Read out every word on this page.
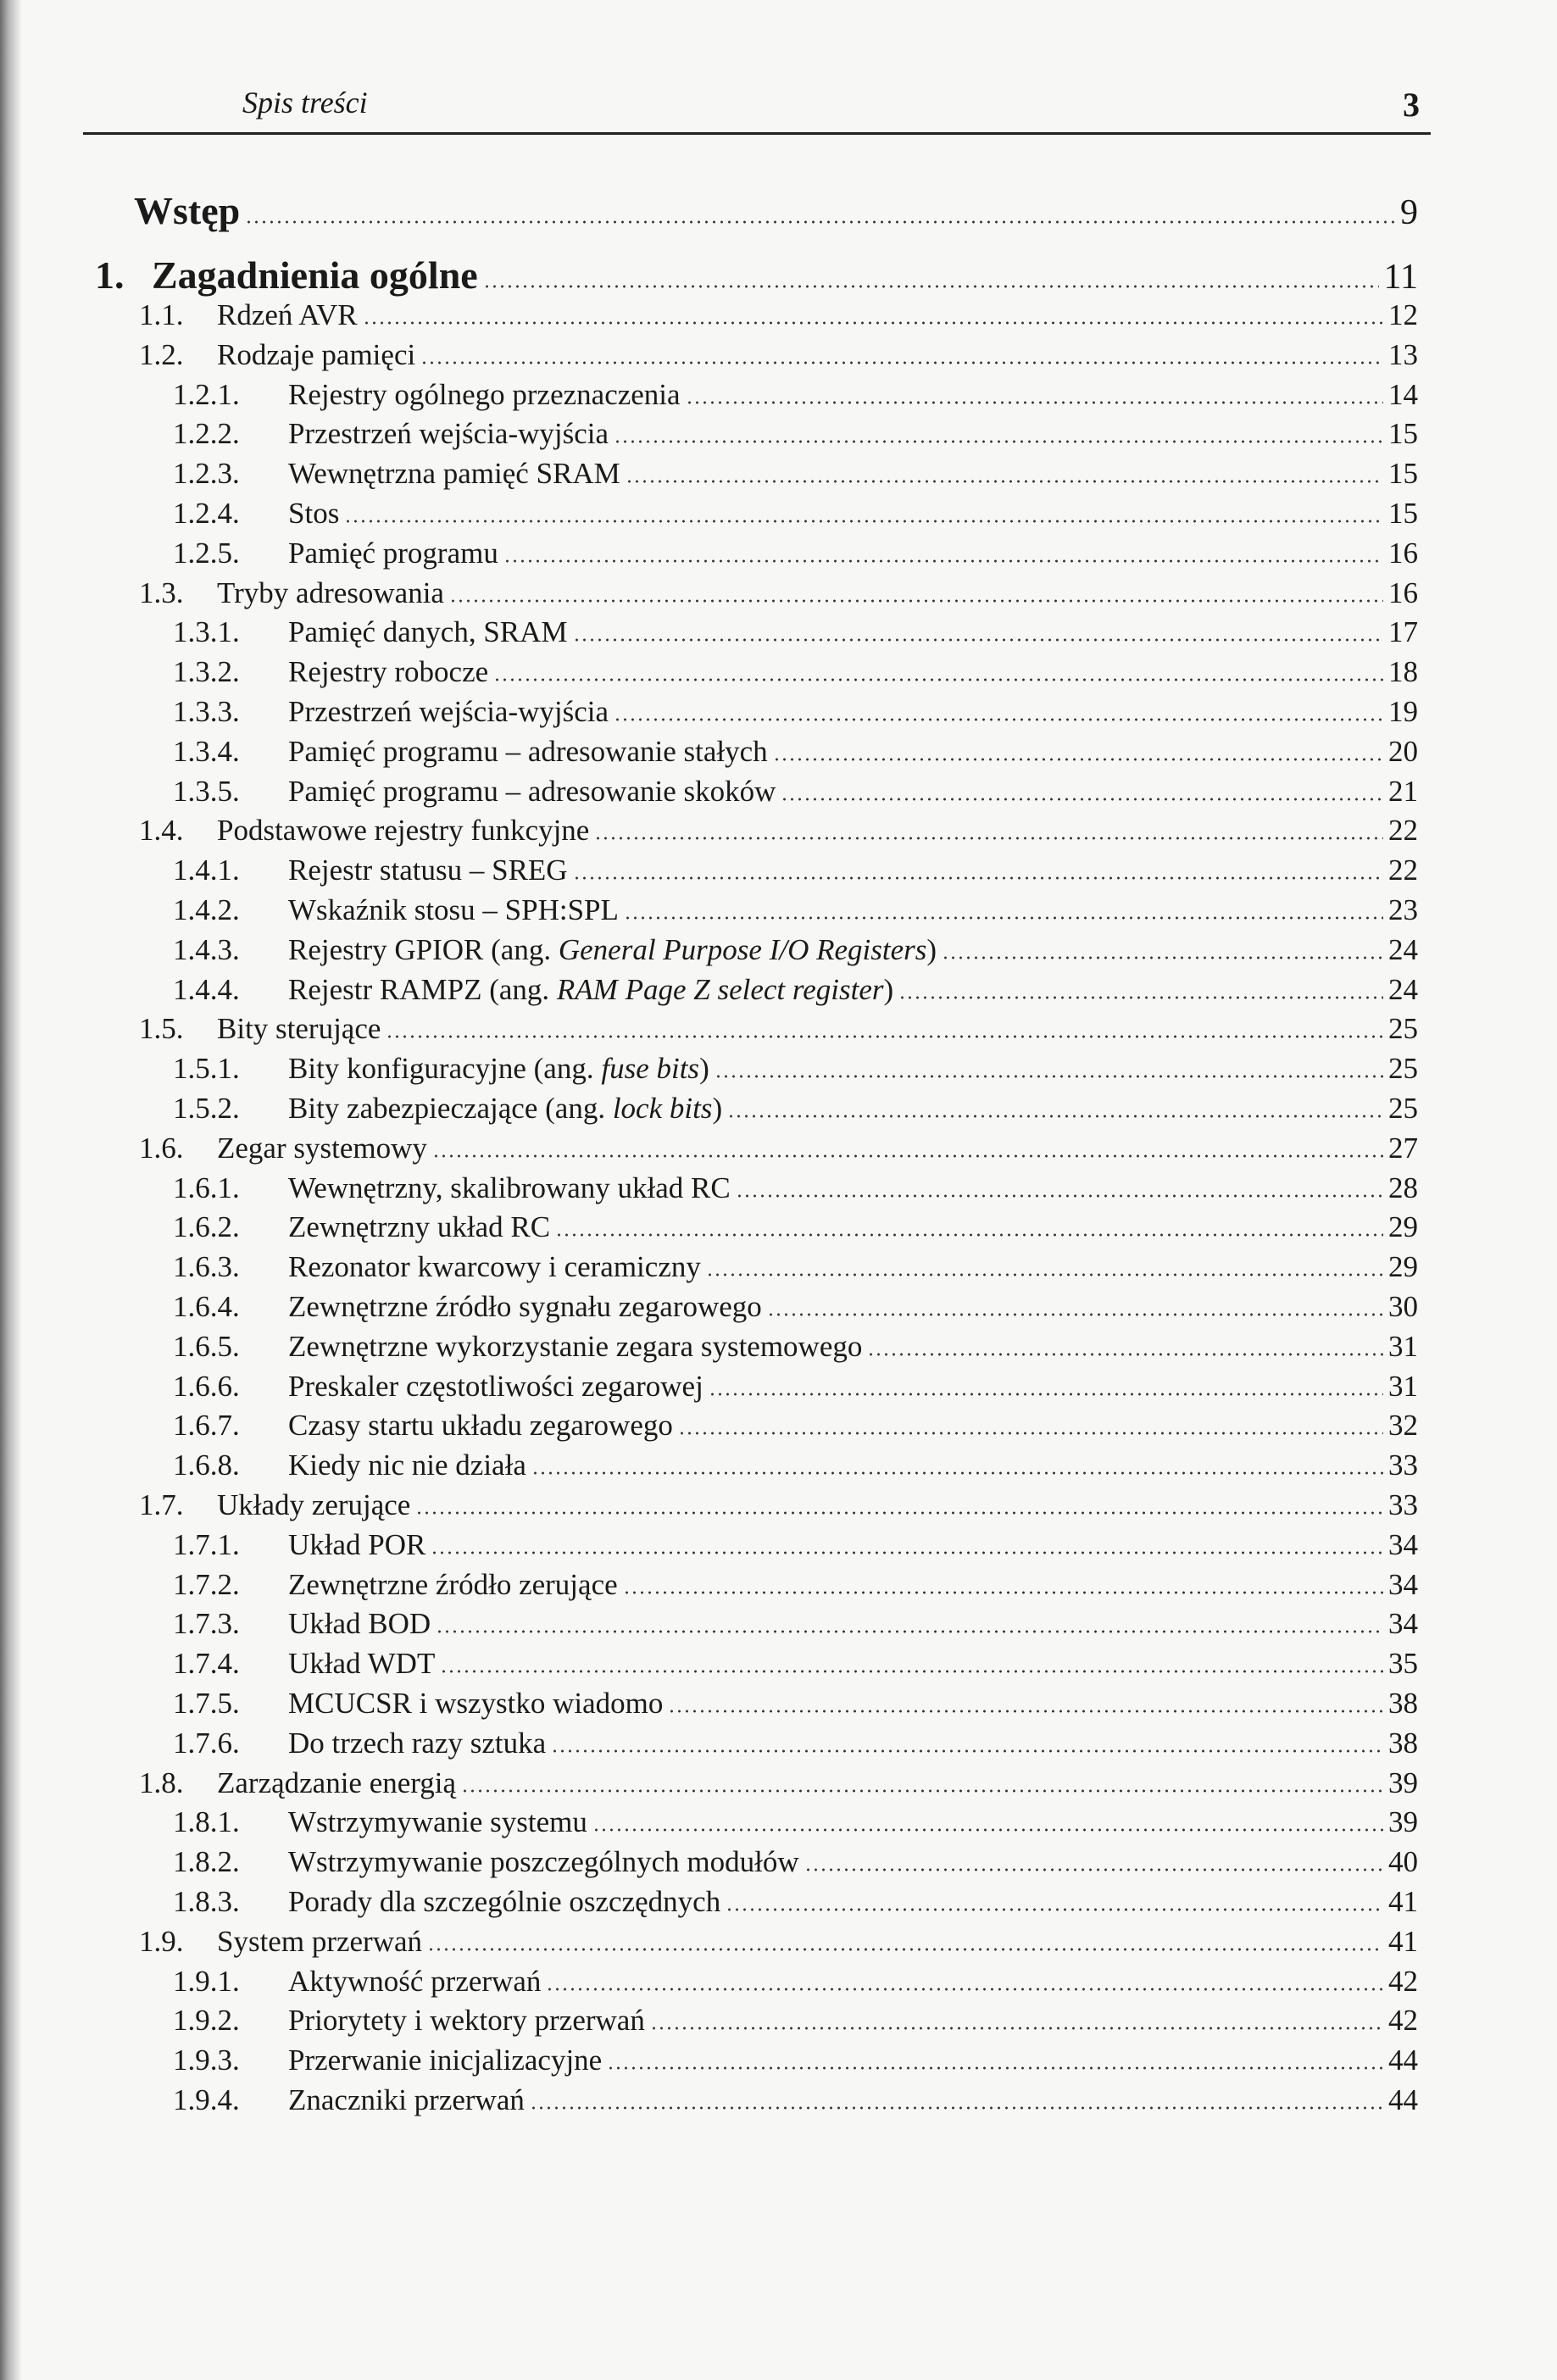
Spis treści	3
Wstęp	9
1. Zagadnienia ogólne	11
1.1. Rdzeń AVR	12
1.2. Rodzaje pamięci	13
1.2.1. Rejestry ogólnego przeznaczenia	14
1.2.2. Przestrzeń wejścia-wyjścia	15
1.2.3. Wewnętrzna pamięć SRAM	15
1.2.4. Stos	15
1.2.5. Pamięć programu	16
1.3. Tryby adresowania	16
1.3.1. Pamięć danych, SRAM	17
1.3.2. Rejestry robocze	18
1.3.3. Przestrzeń wejścia-wyjścia	19
1.3.4. Pamięć programu – adresowanie stałych	20
1.3.5. Pamięć programu – adresowanie skoków	21
1.4. Podstawowe rejestry funkcyjne	22
1.4.1. Rejestr statusu – SREG	22
1.4.2. Wskaźnik stosu – SPH:SPL	23
1.4.3. Rejestry GPIOR (ang. General Purpose I/O Registers)	24
1.4.4. Rejestr RAMPZ (ang. RAM Page Z select register)	24
1.5. Bity sterujące	25
1.5.1. Bity konfiguracyjne (ang. fuse bits)	25
1.5.2. Bity zabezpieczające (ang. lock bits)	25
1.6. Zegar systemowy	27
1.6.1. Wewnętrzny, skalibrowany układ RC	28
1.6.2. Zewnętrzny układ RC	29
1.6.3. Rezonator kwarcowy i ceramiczny	29
1.6.4. Zewnętrzne źródło sygnału zegarowego	30
1.6.5. Zewnętrzne wykorzystanie zegara systemowego	31
1.6.6. Preskaler częstotliwości zegarowej	31
1.6.7. Czasy startu układu zegarowego	32
1.6.8. Kiedy nic nie działa	33
1.7. Układy zerujące	33
1.7.1. Układ POR	34
1.7.2. Zewnętrzne źródło zerujące	34
1.7.3. Układ BOD	34
1.7.4. Układ WDT	35
1.7.5. MCUCSR i wszystko wiadomo	38
1.7.6. Do trzech razy sztuka	38
1.8. Zarządzanie energią	39
1.8.1. Wstrzymywanie systemu	39
1.8.2. Wstrzymywanie poszczególnych modułów	40
1.8.3. Porady dla szczególnie oszczędnych	41
1.9. System przerwań	41
1.9.1. Aktywność przerwań	42
1.9.2. Priorytety i wektory przerwań	42
1.9.3. Przerwanie inicjalizacyjne	44
1.9.4. Znaczniki przerwań	44
